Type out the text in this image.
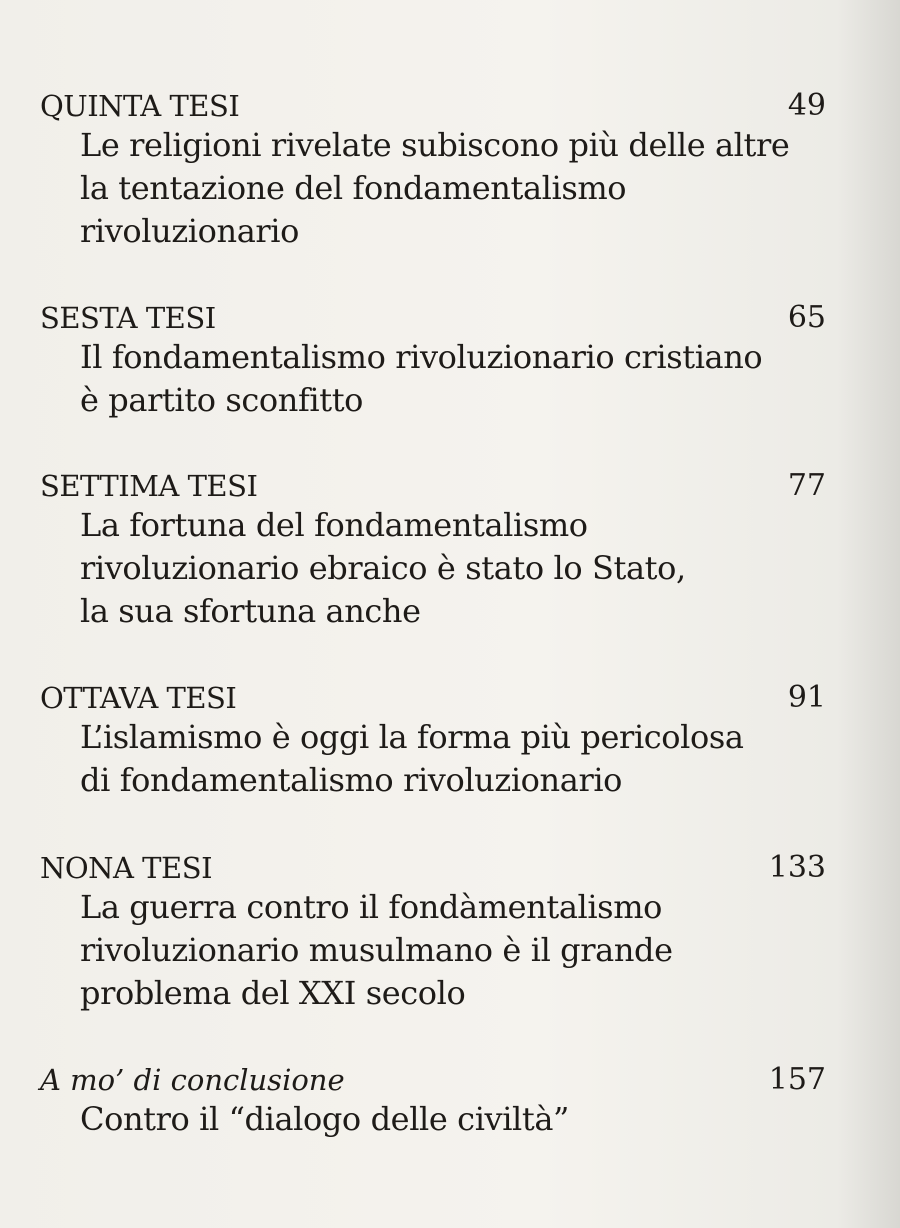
QUINTA TESI	49
Le religioni rivelate subiscono più delle altre
la tentazione del fondamentalismo
rivoluzionario
SESTA TESI	65
Il fondamentalismo rivoluzionario cristiano
è partito sconfitto
SETTIMA TESI	77
La fortuna del fondamentalismo
rivoluzionario ebraico è stato lo Stato,
la sua sfortuna anche
OTTAVA TESI	91
L’islamismo è oggi la forma più pericolosa
di fondamentalismo rivoluzionario
NONA TESI	133
La guerra contro il fondàmentalismo
rivoluzionario musulmano è il grande
problema del XXI secolo
A mo’ di conclusione	157
Contro il “dialogo delle civiltà”
